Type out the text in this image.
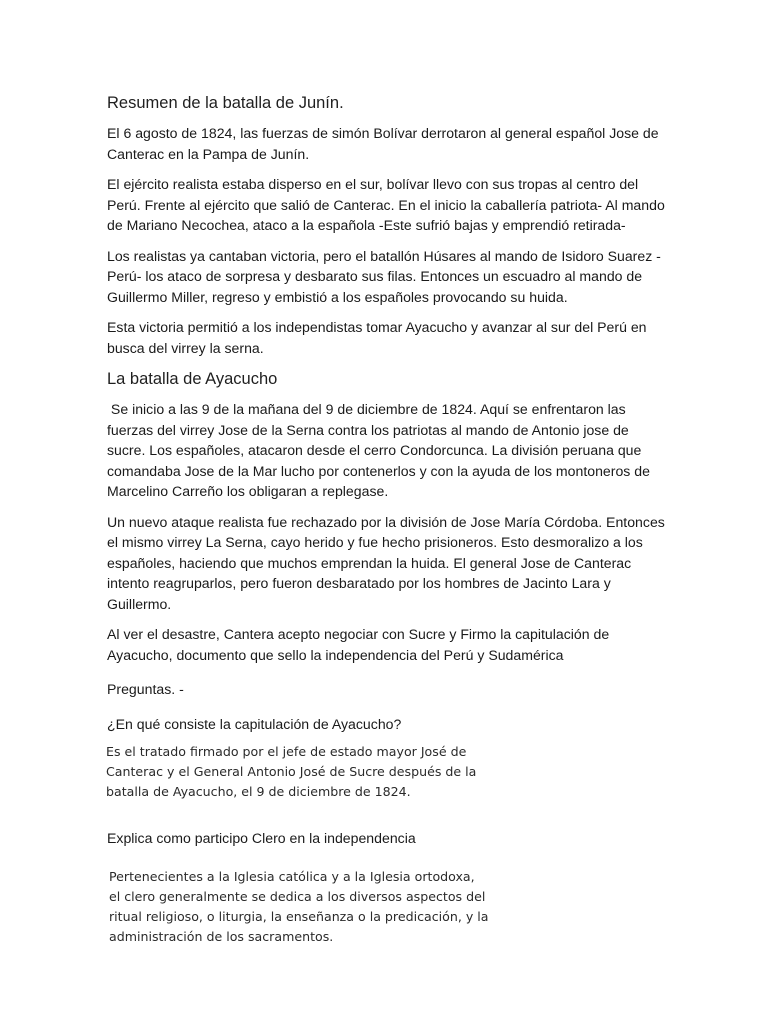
Resumen de la batalla de Junín.
El 6 agosto de 1824, las fuerzas de simón Bolívar derrotaron al general español Jose de Canterac en la Pampa de Junín.
El ejército realista estaba disperso en el sur, bolívar llevo con sus tropas al centro del Perú. Frente al ejército que salió de Canterac. En el inicio la caballería patriota- Al mando de Mariano Necochea, ataco a la española -Este sufrió bajas y emprendió retirada-
Los realistas ya cantaban victoria, pero el batallón Húsares al mando de Isidoro Suarez -Perú- los ataco de sorpresa y desbarato sus filas. Entonces un escuadro al mando de Guillermo Miller, regreso y embistió a los españoles provocando su huida.
Esta victoria permitió a los independistas tomar Ayacucho y avanzar al sur del Perú en busca del virrey la serna.
La batalla de Ayacucho
Se inicio a las 9 de la mañana del 9 de diciembre de 1824. Aquí se enfrentaron las fuerzas del virrey Jose de la Serna contra los patriotas al mando de Antonio jose de sucre. Los españoles, atacaron desde el cerro Condorcunca. La división peruana que comandaba Jose de la Mar lucho por contenerlos y con la ayuda de los montoneros de Marcelino Carreño los obligaran a replegase.
Un nuevo ataque realista fue rechazado por la división de Jose María Córdoba. Entonces el mismo virrey La Serna, cayo herido y fue hecho prisioneros. Esto desmoralizo a los españoles, haciendo que muchos emprendan la huida. El general Jose de Canterac intento reagruparlos, pero fueron desbaratado por los hombres de Jacinto Lara y Guillermo.
Al ver el desastre, Cantera acepto negociar con Sucre y Firmo la capitulación de Ayacucho, documento que sello la independencia del Perú y Sudamérica
Preguntas. -
¿En qué consiste la capitulación de Ayacucho?
Es el tratado firmado por el jefe de estado mayor José de Canterac y el General Antonio José de Sucre después de la batalla de Ayacucho, el 9 de diciembre de 1824.
Explica como participo Clero en la independencia
Pertenecientes a la Iglesia católica y a la Iglesia ortodoxa, el clero generalmente se dedica a los diversos aspectos del ritual religioso, o liturgia, la enseñanza o la predicación, y la administración de los sacramentos.
